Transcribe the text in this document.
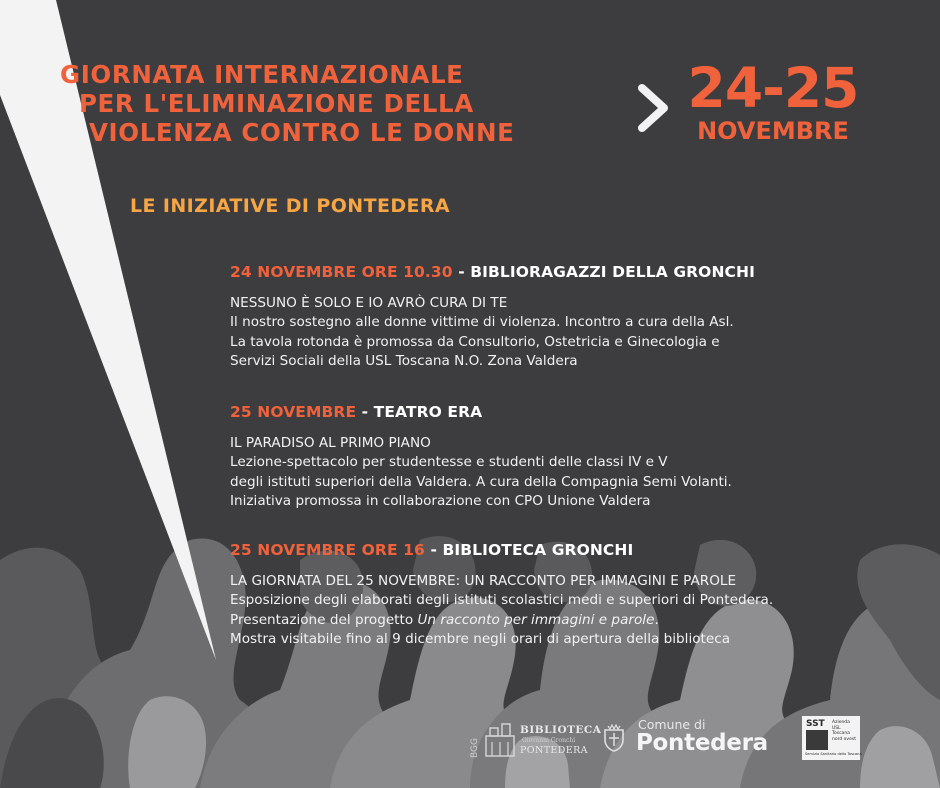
GIORNATA INTERNAZIONALE
PER L'ELIMINAZIONE DELLA
VIOLENZA CONTRO LE DONNE
24-25
NOVEMBRE
LE INIZIATIVE DI PONTEDERA
24 NOVEMBRE ORE 10.30 - BIBLIORAGAZZI DELLA GRONCHI
NESSUNO È SOLO E IO AVRÒ CURA DI TE
Il nostro sostegno alle donne vittime di violenza. Incontro a cura della Asl.
La tavola rotonda è promossa da Consultorio, Ostetricia e Ginecologia e
Servizi Sociali della USL Toscana N.O. Zona Valdera
25 NOVEMBRE - TEATRO ERA
IL PARADISO AL PRIMO PIANO
Lezione-spettacolo per studentesse e studenti delle classi IV e V
degli istituti superiori della Valdera. A cura della Compagnia Semi Volanti.
Iniziativa promossa in collaborazione con CPO Unione Valdera
25 NOVEMBRE ORE 16 - BIBLIOTECA GRONCHI
LA GIORNATA DEL 25 NOVEMBRE: UN RACCONTO PER IMMAGINI E PAROLE
Esposizione degli elaborati degli istituti scolastici medi e superiori di Pontedera.
Presentazione del progetto Un racconto per immagini e parole.
Mostra visitabile fino al 9 dicembre negli orari di apertura della biblioteca
BGG
BIBLIOTECA
Giovanni Gronchi
PONTEDERA
Comune di
Pontedera
SST Azienda USL Toscana nord ovest
Servizio Sanitario della Toscana
